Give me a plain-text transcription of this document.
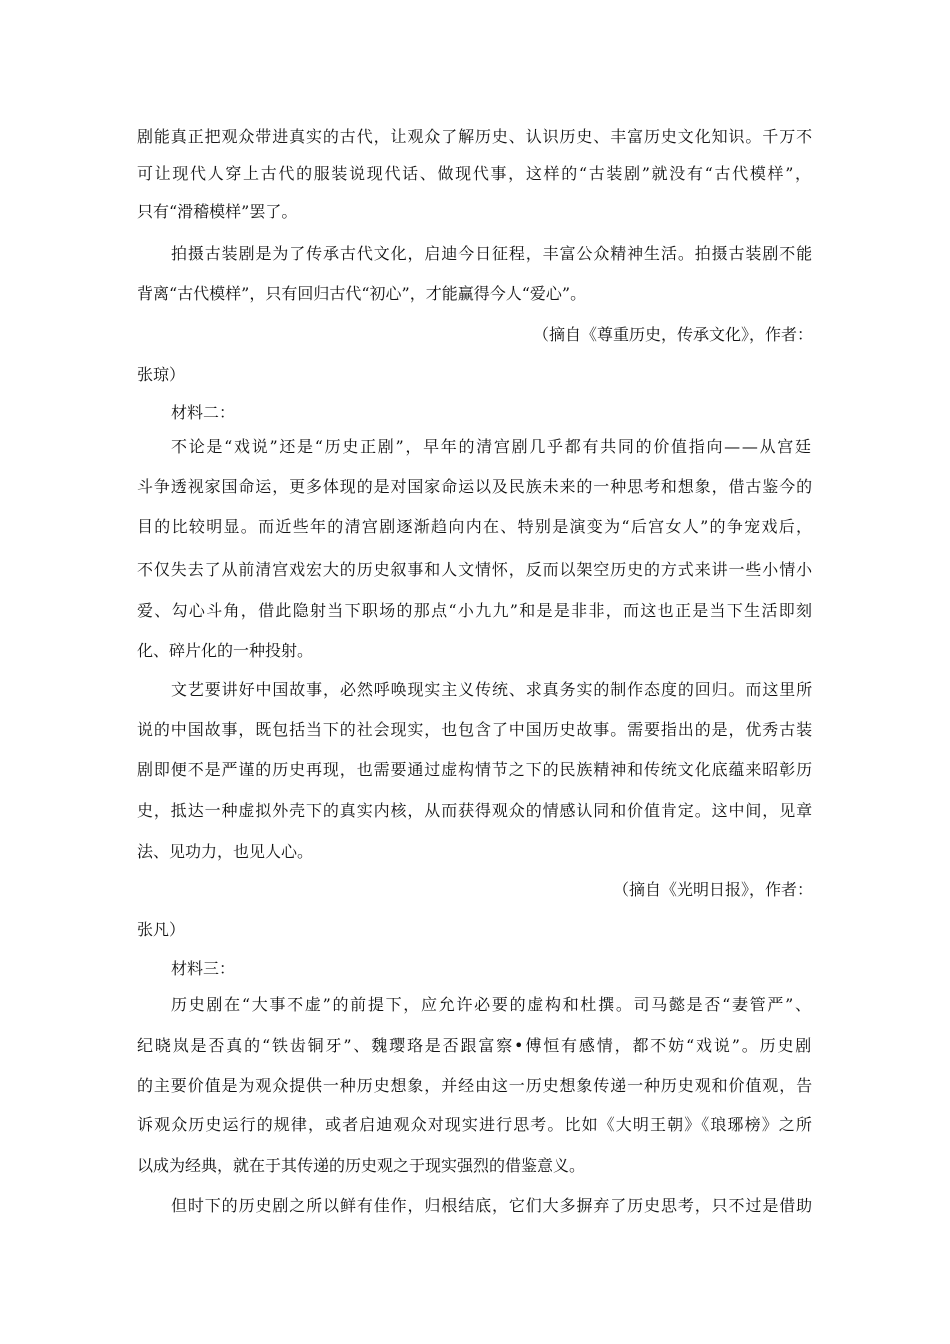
剧能真正把观众带进真实的古代，让观众了解历史、认识历史、丰富历史文化知识。千万不
可让现代人穿上古代的服装说现代话、做现代事，这样的“古装剧”就没有“古代模样”，
只有“滑稽模样”罢了。
拍摄古装剧是为了传承古代文化，启迪今日征程，丰富公众精神生活。拍摄古装剧不能
背离“古代模样”，只有回归古代“初心”，才能赢得今人“爱心”。
（摘自《尊重历史，传承文化》，作者：
张琼）
材料二：
不论是“戏说”还是“历史正剧”，早年的清宫剧几乎都有共同的价值指向——从宫廷
斗争透视家国命运，更多体现的是对国家命运以及民族未来的一种思考和想象，借古鉴今的
目的比较明显。而近些年的清宫剧逐渐趋向内在、特别是演变为“后宫女人”的争宠戏后，
不仅失去了从前清宫戏宏大的历史叙事和人文情怀，反而以架空历史的方式来讲一些小情小
爱、勾心斗角，借此隐射当下职场的那点“小九九”和是是非非，而这也正是当下生活即刻
化、碎片化的一种投射。
文艺要讲好中国故事，必然呼唤现实主义传统、求真务实的制作态度的回归。而这里所
说的中国故事，既包括当下的社会现实，也包含了中国历史故事。需要指出的是，优秀古装
剧即便不是严谨的历史再现，也需要通过虚构情节之下的民族精神和传统文化底蕴来昭彰历
史，抵达一种虚拟外壳下的真实内核，从而获得观众的情感认同和价值肯定。这中间，见章
法、见功力，也见人心。
（摘自《光明日报》，作者：
张凡）
材料三：
历史剧在“大事不虚”的前提下，应允许必要的虚构和杜撰。司马懿是否“妻管严”、
纪晓岚是否真的“铁齿铜牙”、魏璎珞是否跟富察•傅恒有感情，都不妨“戏说”。历史剧
的主要价值是为观众提供一种历史想象，并经由这一历史想象传递一种历史观和价值观，告
诉观众历史运行的规律，或者启迪观众对现实进行思考。比如《大明王朝》《琅琊榜》之所
以成为经典，就在于其传递的历史观之于现实强烈的借鉴意义。
但时下的历史剧之所以鲜有佳作，归根结底，它们大多摒弃了历史思考，只不过是借助
